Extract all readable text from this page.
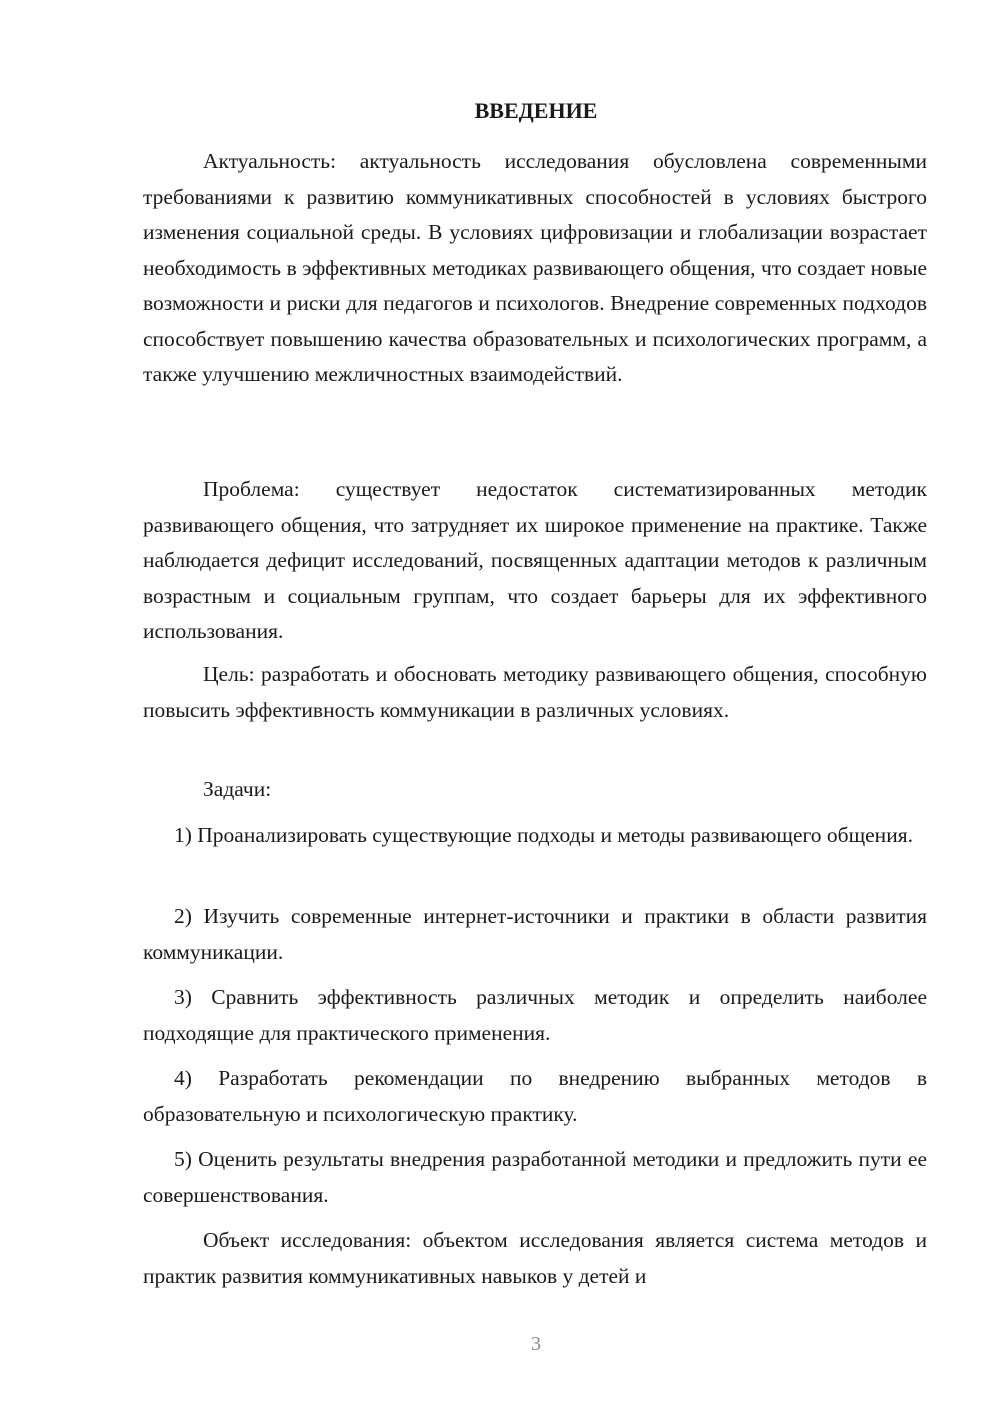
ВВЕДЕНИЕ

Актуальность: актуальность исследования обусловлена современными требованиями к развитию коммуникативных способностей в условиях быстрого изменения социальной среды. В условиях цифровизации и глобализации возрастает необходимость в эффективных методиках развивающего общения, что создает новые возможности и риски для педагогов и психологов. Внедрение современных подходов способствует повышению качества образовательных и психологических программ, а также улучшению межличностных взаимодействий.

Проблема: существует недостаток систематизированных методик развивающего общения, что затрудняет их широкое применение на практике. Также наблюдается дефицит исследований, посвященных адаптации методов к различным возрастным и социальным группам, что создает барьеры для их эффективного использования.

Цель: разработать и обосновать методику развивающего общения, способную повысить эффективность коммуникации в различных условиях.

Задачи:

1) Проанализировать существующие подходы и методы развивающего общения.

2) Изучить современные интернет-источники и практики в области развития коммуникации.

3) Сравнить эффективность различных методик и определить наиболее подходящие для практического применения.

4) Разработать рекомендации по внедрению выбранных методов в образовательную и психологическую практику.

5) Оценить результаты внедрения разработанной методики и предложить пути ее совершенствования.

Объект исследования: объектом исследования является система методов и практик развития коммуникативных навыков у детей и

3
